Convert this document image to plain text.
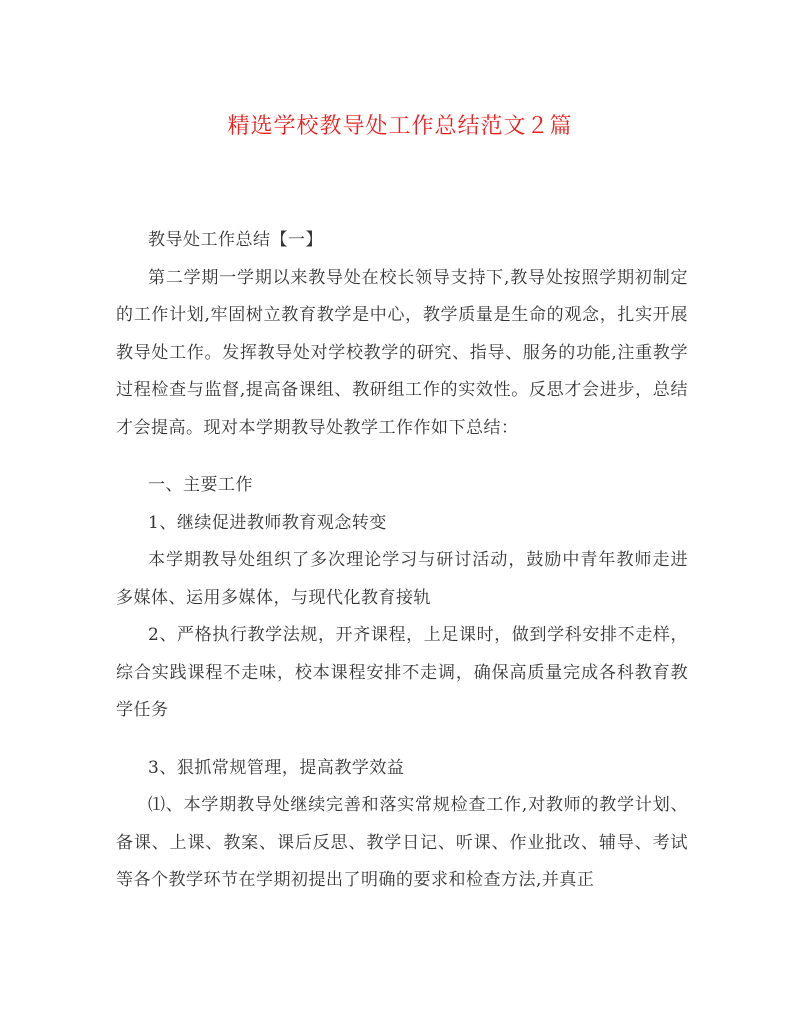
精选学校教导处工作总结范文２篇

教导处工作总结【一】

第二学期一学期以来教导处在校长领导支持下,教导处按照学期初制定的工作计划,牢固树立教育教学是中心，教学质量是生命的观念，扎实开展教导处工作。发挥教导处对学校教学的研究、指导、服务的功能,注重教学过程检查与监督,提高备课组、教研组工作的实效性。反思才会进步，总结才会提高。现对本学期教导处教学工作作如下总结：

一、主要工作

1、继续促进教师教育观念转变

本学期教导处组织了多次理论学习与研讨活动，鼓励中青年教师走进多媒体、运用多媒体，与现代化教育接轨

2、严格执行教学法规，开齐课程，上足课时，做到学科安排不走样，综合实践课程不走味，校本课程安排不走调，确保高质量完成各科教育教学任务

3、狠抓常规管理，提高教学效益

⑴、本学期教导处继续完善和落实常规检查工作,对教师的教学计划、备课、上课、教案、课后反思、教学日记、听课、作业批改、辅导、考试等各个教学环节在学期初提出了明确的要求和检查方法,并真正
